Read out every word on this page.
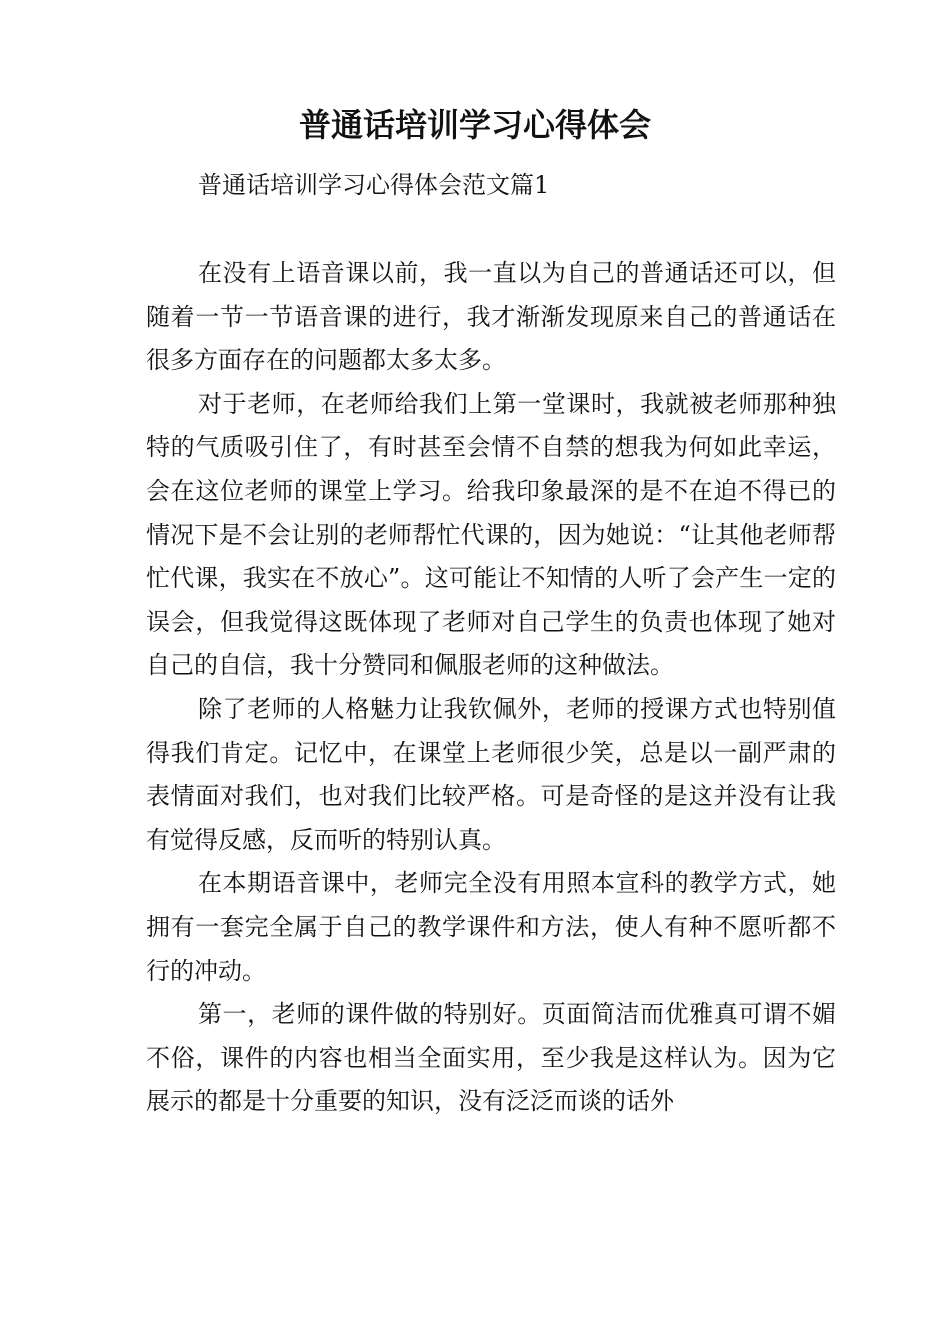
普通话培训学习心得体会

普通话培训学习心得体会范文篇1

在没有上语音课以前，我一直以为自己的普通话还可以，但随着一节一节语音课的进行，我才渐渐发现原来自己的普通话在很多方面存在的问题都太多太多。

对于老师，在老师给我们上第一堂课时，我就被老师那种独特的气质吸引住了，有时甚至会情不自禁的想我为何如此幸运，会在这位老师的课堂上学习。给我印象最深的是不在迫不得已的情况下是不会让别的老师帮忙代课的，因为她说：“让其他老师帮忙代课，我实在不放心”。这可能让不知情的人听了会产生一定的误会，但我觉得这既体现了老师对自己学生的负责也体现了她对自己的自信，我十分赞同和佩服老师的这种做法。

除了老师的人格魅力让我钦佩外，老师的授课方式也特别值得我们肯定。记忆中，在课堂上老师很少笑，总是以一副严肃的表情面对我们，也对我们比较严格。可是奇怪的是这并没有让我有觉得反感，反而听的特别认真。

在本期语音课中，老师完全没有用照本宣科的教学方式，她拥有一套完全属于自己的教学课件和方法，使人有种不愿听都不行的冲动。

第一，老师的课件做的特别好。页面简洁而优雅真可谓不媚不俗，课件的内容也相当全面实用，至少我是这样认为。因为它展示的都是十分重要的知识，没有泛泛而谈的话外
